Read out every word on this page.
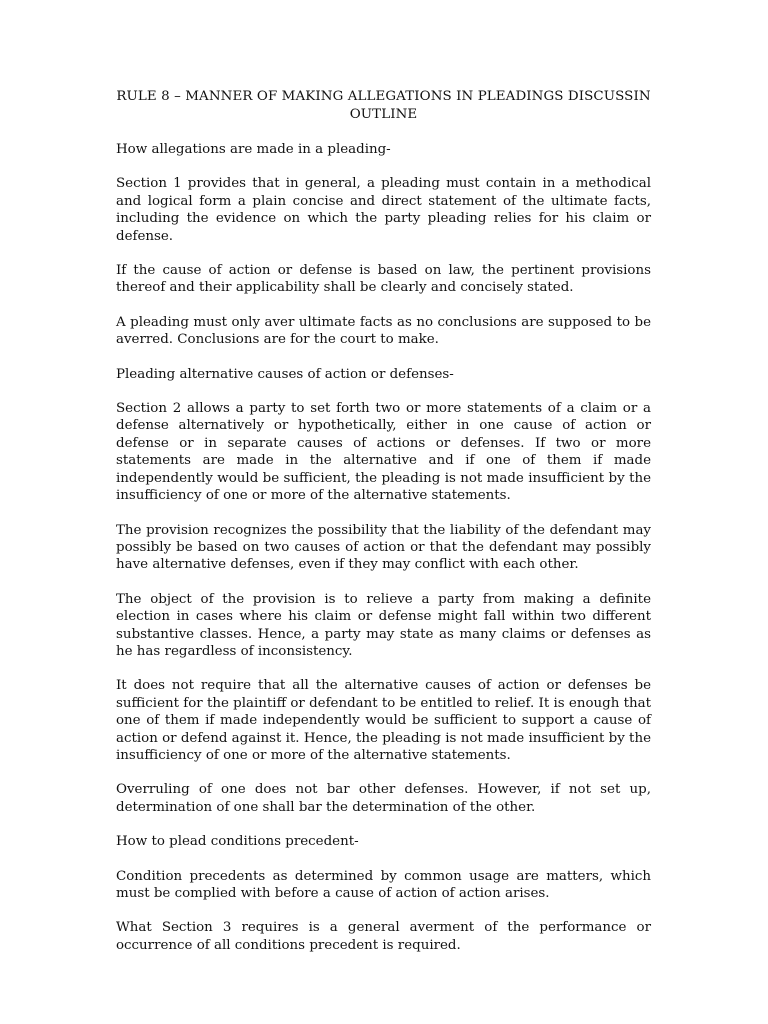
RULE 8 – MANNER OF MAKING ALLEGATIONS IN PLEADINGS DISCUSSIN OUTLINE
How allegations are made in a pleading-
Section 1 provides that in general, a pleading must contain in a methodical and logical form a plain concise and direct statement of the ultimate facts, including the evidence on which the party pleading relies for his claim or defense.
If the cause of action or defense is based on law, the pertinent provisions thereof and their applicability shall be clearly and concisely stated.
A pleading must only aver ultimate facts as no conclusions are supposed to be averred. Conclusions are for the court to make.
Pleading alternative causes of action or defenses-
Section 2 allows a party to set forth two or more statements of a claim or a defense alternatively or hypothetically, either in one cause of action or defense or in separate causes of actions or defenses. If two or more statements are made in the alternative and if one of them if made independently would be sufficient, the pleading is not made insufficient by the insufficiency of one or more of the alternative statements.
The provision recognizes the possibility that the liability of the defendant may possibly be based on two causes of action or that the defendant may possibly have alternative defenses, even if they may conflict with each other.
The object of the provision is to relieve a party from making a definite election in cases where his claim or defense might fall within two different substantive classes. Hence, a party may state as many claims or defenses as he has regardless of inconsistency.
It does not require that all the alternative causes of action or defenses be sufficient for the plaintiff or defendant to be entitled to relief. It is enough that one of them if made independently would be sufficient to support a cause of action or defend against it. Hence, the pleading is not made insufficient by the insufficiency of one or more of the alternative statements.
Overruling of one does not bar other defenses. However, if not set up, determination of one shall bar the determination of the other.
How to plead conditions precedent-
Condition precedents as determined by common usage are matters, which must be complied with before a cause of action of action arises.
What Section 3 requires is a general averment of the performance or occurrence of all conditions precedent is required.
